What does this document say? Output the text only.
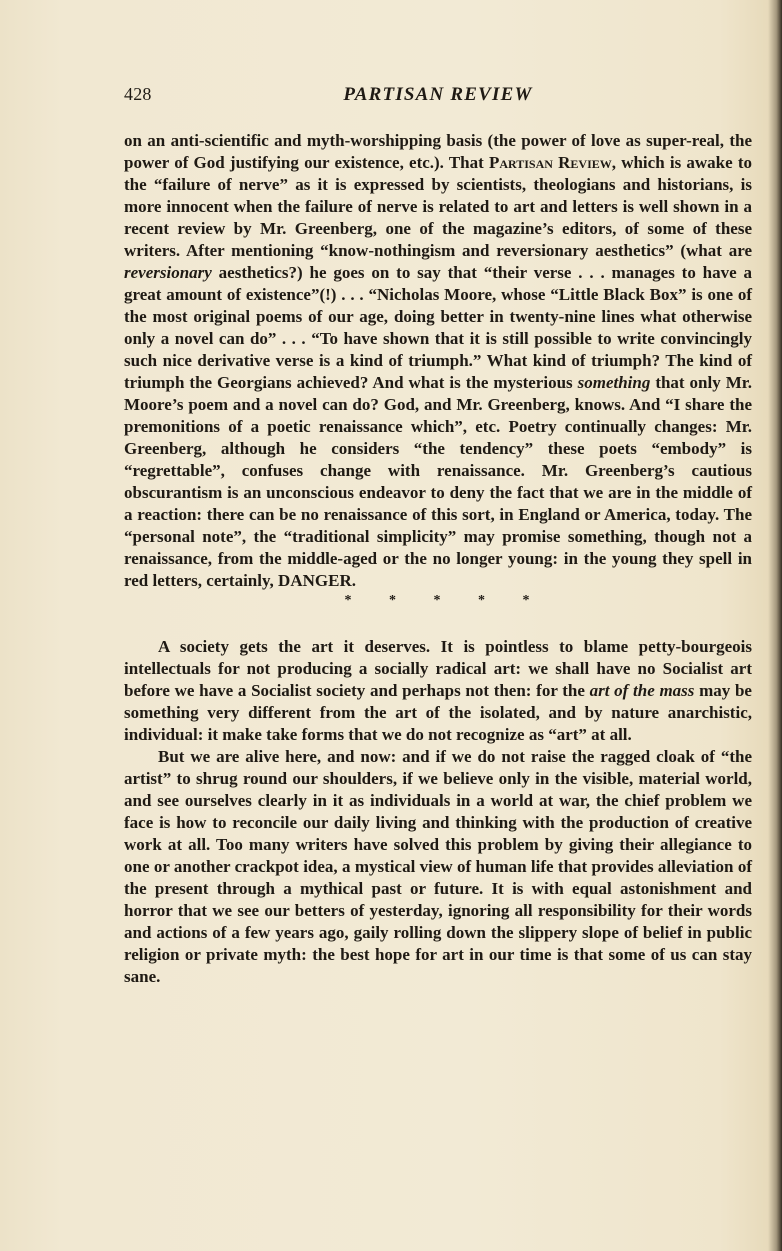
428	PARTISAN REVIEW

on an anti-scientific and myth-worshipping basis (the power of love as super-real, the power of God justifying our existence, etc.). That Partisan Review, which is awake to the “failure of nerve” as it is expressed by scientists, theologians and historians, is more innocent when the failure of nerve is related to art and letters is well shown in a recent review by Mr. Greenberg, one of the magazine’s editors, of some of these writers. After mentioning “know-nothingism and reversionary aesthetics” (what are reversionary aesthetics?) he goes on to say that “their verse . . . manages to have a great amount of existence”(!) . . . “Nicholas Moore, whose “Little Black Box” is one of the most original poems of our age, doing better in twenty-nine lines what otherwise only a novel can do” . . . “To have shown that it is still possible to write convincingly such nice derivative verse is a kind of triumph.” What kind of triumph? The kind of triumph the Georgians achieved? And what is the mysterious something that only Mr. Moore’s poem and a novel can do? God, and Mr. Greenberg, knows. And “I share the premonitions of a poetic renaissance which”, etc. Poetry continually changes: Mr. Greenberg, although he considers “the tendency” these poets “embody” is “regrettable”, confuses change with renaissance. Mr. Greenberg’s cautious obscurantism is an unconscious endeavor to deny the fact that we are in the middle of a reaction: there can be no renaissance of this sort, in England or America, today. The “personal note”, the “traditional simplicity” may promise something, though not a renaissance, from the middle-aged or the no longer young: in the young they spell in red letters, certainly, DANGER.

* * * * *

A society gets the art it deserves. It is pointless to blame petty-bourgeois intellectuals for not producing a socially radical art: we shall have no Socialist art before we have a Socialist society and perhaps not then: for the art of the mass may be something very different from the art of the isolated, and by nature anarchistic, individual: it make take forms that we do not recognize as “art” at all.

But we are alive here, and now: and if we do not raise the ragged cloak of “the artist” to shrug round our shoulders, if we believe only in the visible, material world, and see ourselves clearly in it as individuals in a world at war, the chief problem we face is how to reconcile our daily living and thinking with the production of creative work at all. Too many writers have solved this problem by giving their allegiance to one or another crackpot idea, a mystical view of human life that provides alleviation of the present through a mythical past or future. It is with equal astonishment and horror that we see our betters of yesterday, ignoring all responsibility for their words and actions of a few years ago, gaily rolling down the slippery slope of belief in public religion or private myth: the best hope for art in our time is that some of us can stay sane.
